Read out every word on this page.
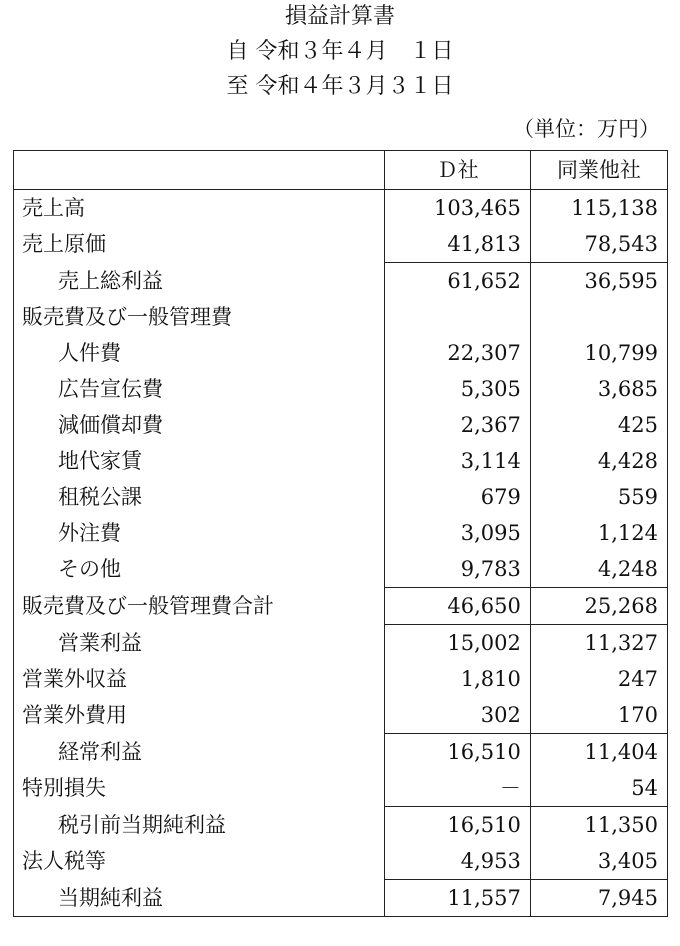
損益計算書
自 令和３年４月　１日
至 令和４年３月３１日
（単位：万円）
	Ｄ社	同業他社
売上高	103,465	115,138
売上原価	41,813	78,543
売上総利益	61,652	36,595
販売費及び一般管理費		
人件費	22,307	10,799
広告宣伝費	5,305	3,685
減価償却費	2,367	425
地代家賃	3,114	4,428
租税公課	679	559
外注費	3,095	1,124
その他	9,783	4,248
販売費及び一般管理費合計	46,650	25,268
営業利益	15,002	11,327
営業外収益	1,810	247
営業外費用	302	170
経常利益	16,510	11,404
特別損失	－	54
税引前当期純利益	16,510	11,350
法人税等	4,953	3,405
当期純利益	11,557	7,945
